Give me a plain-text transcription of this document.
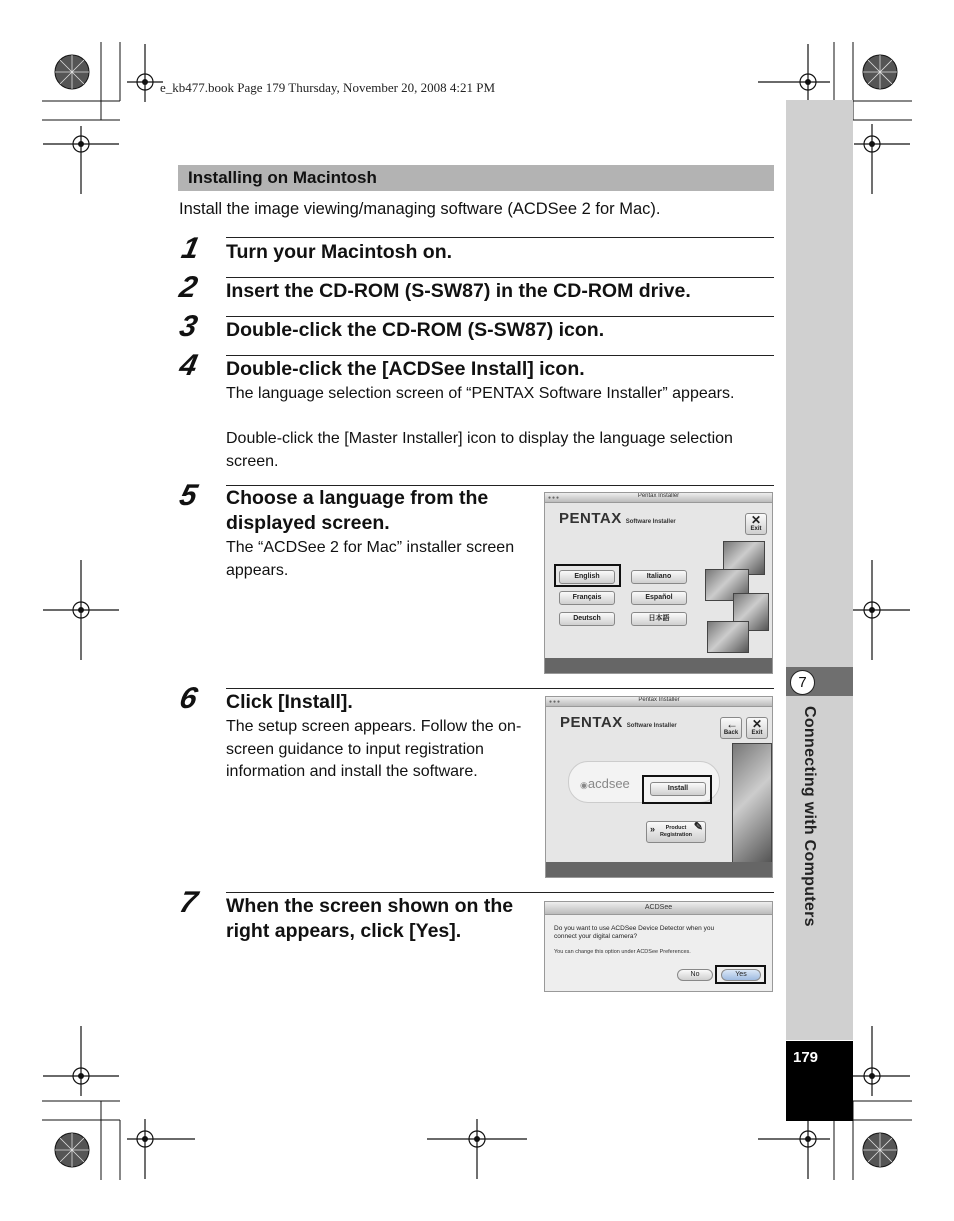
e_kb477.book Page 179 Thursday, November 20, 2008 4:21 PM
Installing on Macintosh
Install the image viewing/managing software (ACDSee 2 for Mac).
1 Turn your Macintosh on.
2 Insert the CD-ROM (S-SW87) in the CD-ROM drive.
3 Double-click the CD-ROM (S-SW87) icon.
4 Double-click the [ACDSee Install] icon.
The language selection screen of “PENTAX Software Installer” appears.
Double-click the [Master Installer] icon to display the language selection screen.
5 Choose a language from the
displayed screen.
The “ACDSee 2 for Mac” installer screen appears.
●●●	Pentax Installer
PENTAX Software Installer	✕
Exit
English	Italiano
Français	Español
Deutsch	日本語
6 Click [Install].
The setup screen appears. Follow the on-screen guidance to input registration information and install the software.
●●●	Pentax Installer
PENTAX Software Installer	←
Back
✕
Exit
◉acdsee	Install
»	✎
Product
Registration
7 When the screen shown on the
right appears, click [Yes].
ACDSee
Do you want to use ACDSee Device Detector when you
connect your digital camera?
You can change this option under ACDSee Preferences.
No	Yes
7
Connecting with Computers
179
